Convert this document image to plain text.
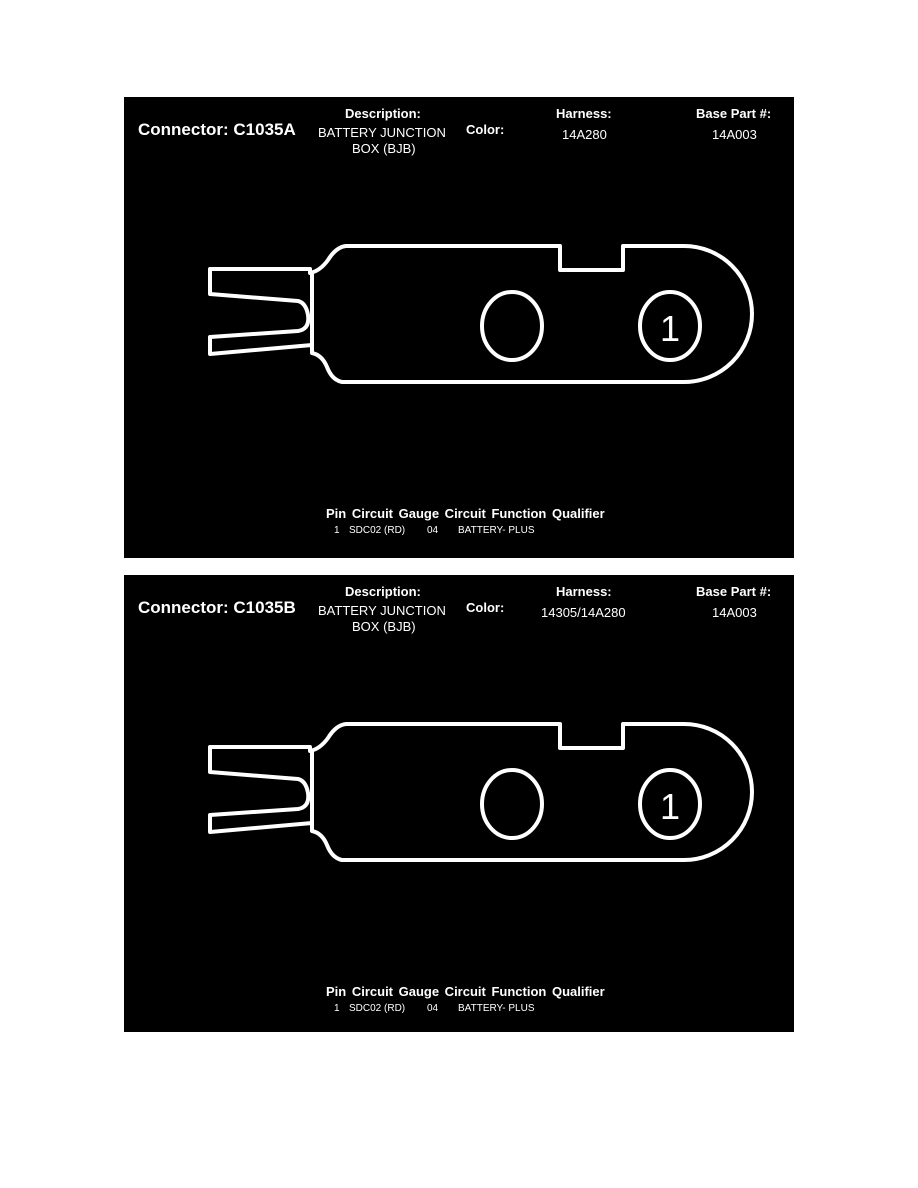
Connector: C1035A
Description:
BATTERY JUNCTION
BOX (BJB)
Color:
Harness:
14A280
Base Part #:
14A003
1
Pin Circuit Gauge Circuit Function Qualifier
1 SDC02 (RD) 04 BATTERY- PLUS
Connector: C1035B
Description:
BATTERY JUNCTION
BOX (BJB)
Color:
Harness:
14305/14A280
Base Part #:
14A003
1
Pin Circuit Gauge Circuit Function Qualifier
1 SDC02 (RD) 04 BATTERY- PLUS
